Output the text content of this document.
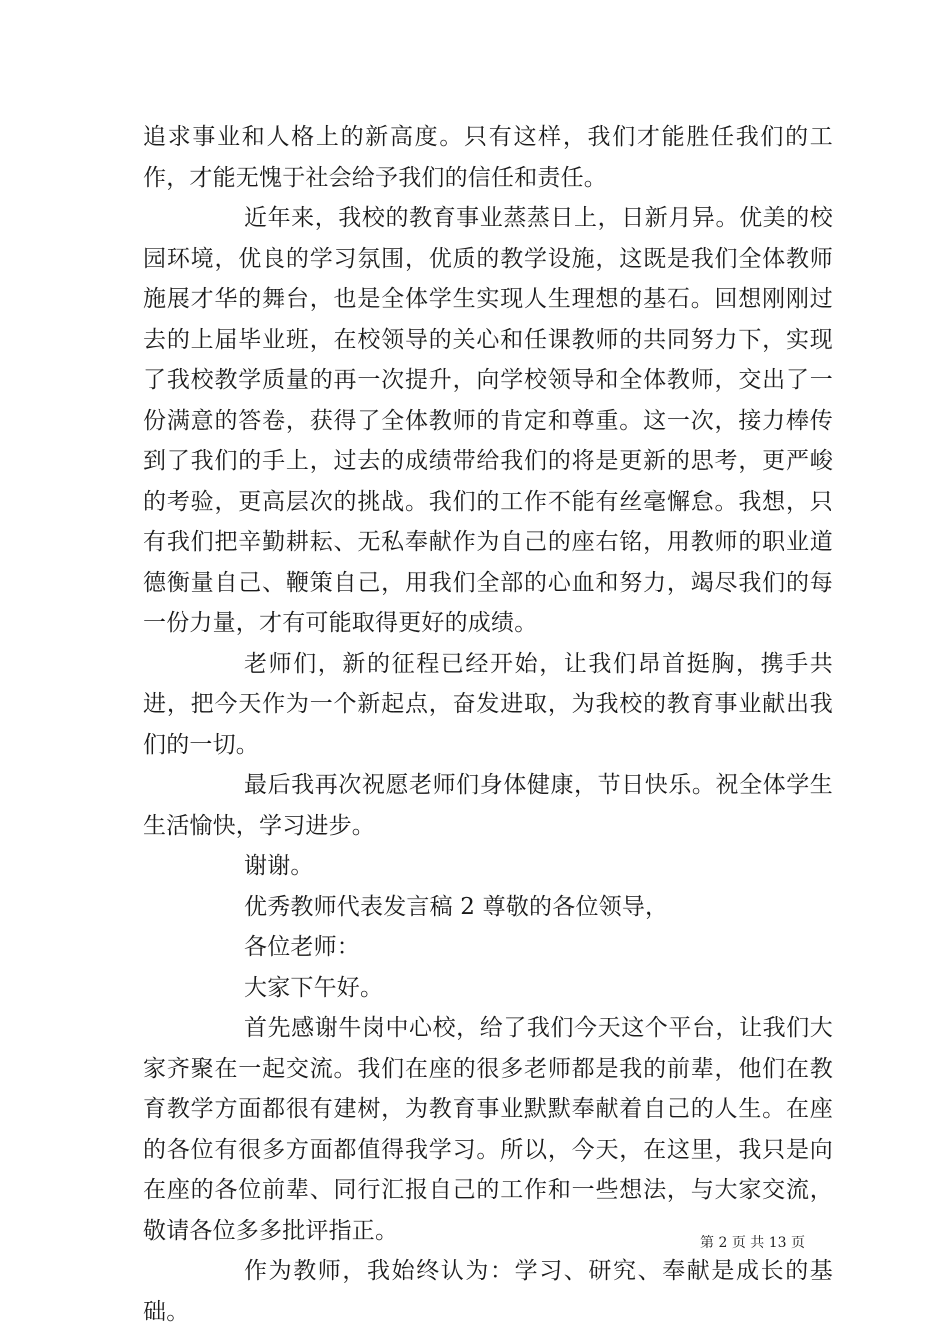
追求事业和人格上的新高度。只有这样，我们才能胜任我们的工作，才能无愧于社会给予我们的信任和责任。

近年来，我校的教育事业蒸蒸日上，日新月异。优美的校园环境，优良的学习氛围，优质的教学设施，这既是我们全体教师施展才华的舞台，也是全体学生实现人生理想的基石。回想刚刚过去的上届毕业班，在校领导的关心和任课教师的共同努力下，实现了我校教学质量的再一次提升，向学校领导和全体教师，交出了一份满意的答卷，获得了全体教师的肯定和尊重。这一次，接力棒传到了我们的手上，过去的成绩带给我们的将是更新的思考，更严峻的考验，更高层次的挑战。我们的工作不能有丝毫懈怠。我想，只有我们把辛勤耕耘、无私奉献作为自己的座右铭，用教师的职业道德衡量自己、鞭策自己，用我们全部的心血和努力，竭尽我们的每一份力量，才有可能取得更好的成绩。

老师们，新的征程已经开始，让我们昂首挺胸，携手共进，把今天作为一个新起点，奋发进取，为我校的教育事业献出我们的一切。

最后我再次祝愿老师们身体健康，节日快乐。祝全体学生生活愉快，学习进步。

谢谢。

优秀教师代表发言稿 2 尊敬的各位领导，

各位老师：

大家下午好。

首先感谢牛岗中心校，给了我们今天这个平台，让我们大家齐聚在一起交流。我们在座的很多老师都是我的前辈，他们在教育教学方面都很有建树，为教育事业默默奉献着自己的人生。在座的各位有很多方面都值得我学习。所以，今天，在这里，我只是向在座的各位前辈、同行汇报自己的工作和一些想法，与大家交流，敬请各位多多批评指正。

作为教师，我始终认为：学习、研究、奉献是成长的基础。

第 2 页 共 13 页
